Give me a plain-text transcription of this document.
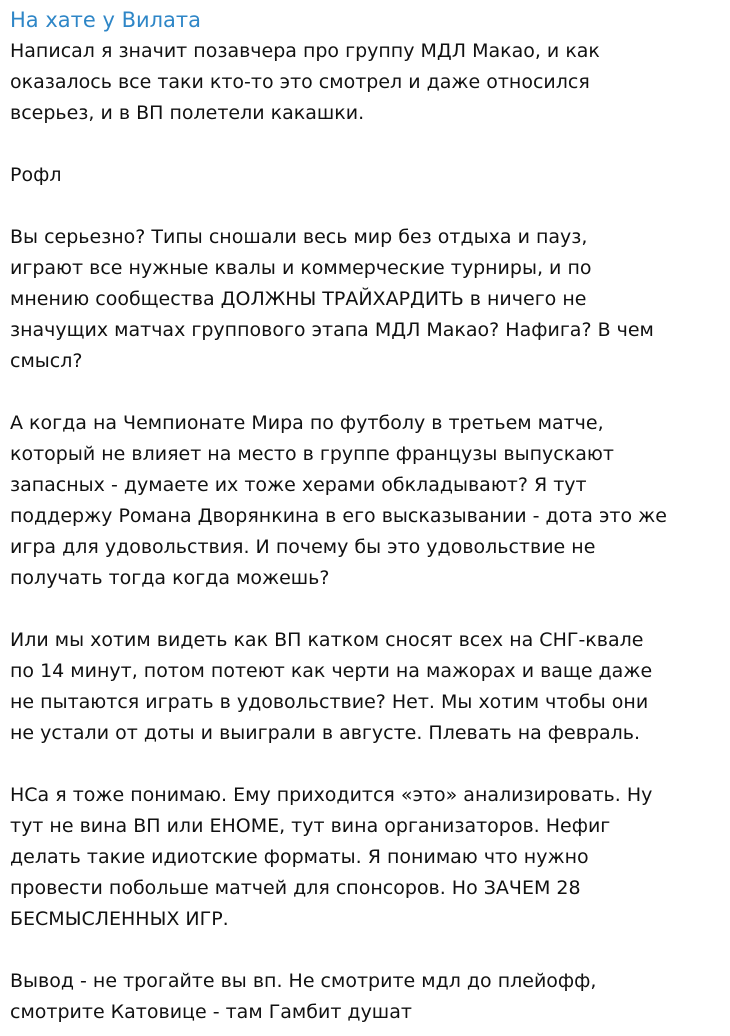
На хате у Вилата
Написал я значит позавчера про группу МДЛ Макао, и как
оказалось все таки кто-то это смотрел и даже относился
всерьез, и в ВП полетели какашки.
Рофл
Вы серьезно? Типы сношали весь мир без отдыха и пауз,
играют все нужные квалы и коммерческие турниры, и по
мнению сообщества ДОЛЖНЫ ТРАЙХАРДИТЬ в ничего не
значущих матчах группового этапа МДЛ Макао? Нафига? В чем
смысл?
А когда на Чемпионате Мира по футболу в третьем матче,
который не влияет на место в группе французы выпускают
запасных - думаете их тоже херами обкладывают? Я тут
поддержу Романа Дворянкина в его высказывании - дота это же
игра для удовольствия. И почему бы это удовольствие не
получать тогда когда можешь?
Или мы хотим видеть как ВП катком сносят всех на СНГ-квале
по 14 минут, потом потеют как черти на мажорах и ваще даже
не пытаются играть в удовольствие? Нет. Мы хотим чтобы они
не устали от доты и выиграли в августе. Плевать на февраль.
НСа я тоже понимаю. Ему приходится «это» анализировать. Ну
тут не вина ВП или EHOME, тут вина организаторов. Нефиг
делать такие идиотские форматы. Я понимаю что нужно
провести побольше матчей для спонсоров. Но ЗАЧЕМ 28
БЕСМЫСЛЕННЫХ ИГР.
Вывод - не трогайте вы вп. Не смотрите мдл до плейофф,
смотрите Катовице - там Гамбит душат
